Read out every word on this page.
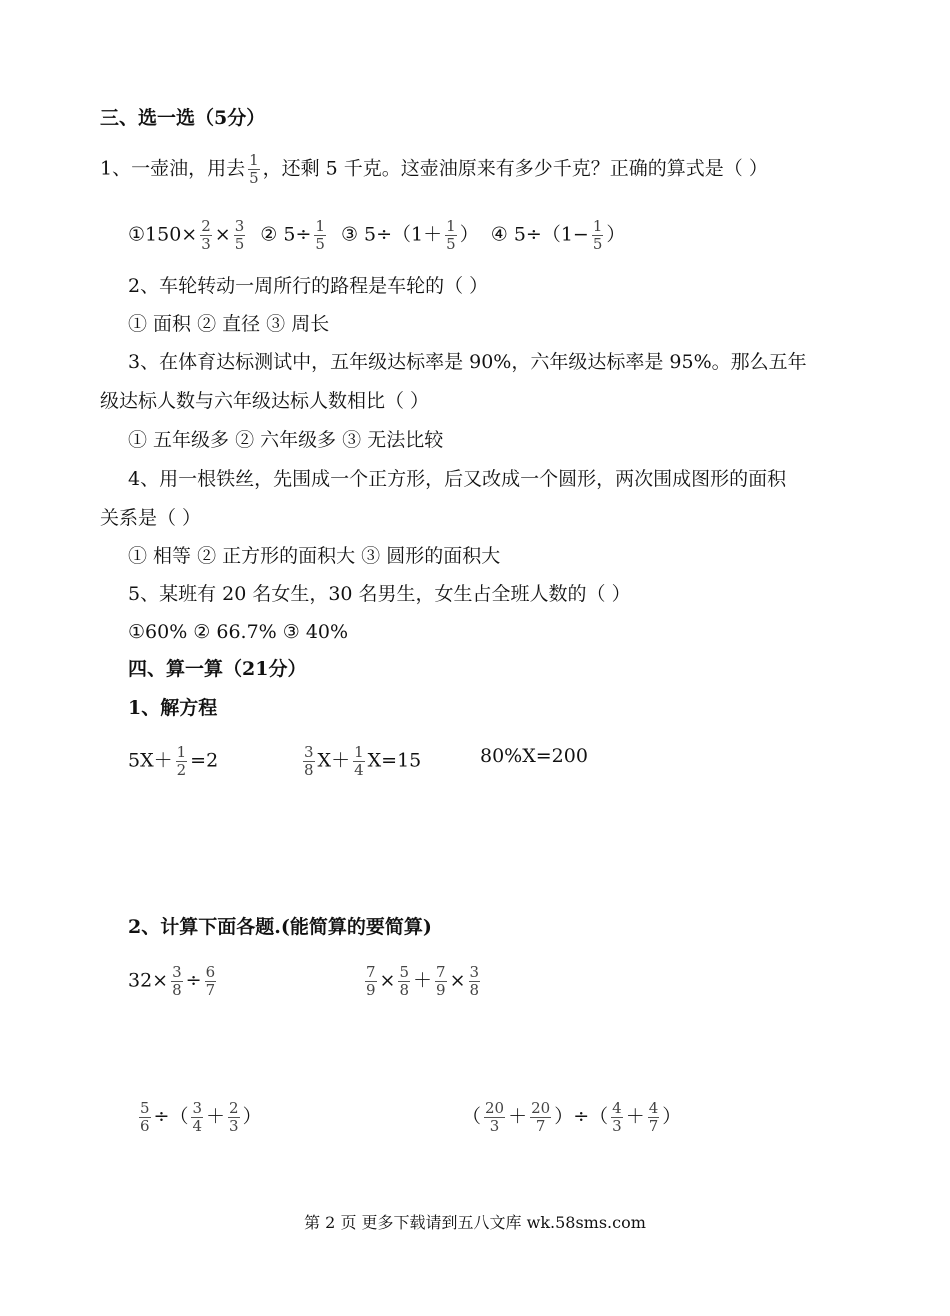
三、选一选（5分）
1、一壶油，用去 $\frac{1}{5}$ ，还剩 5 千克。这壶油原来有多少千克？正确的算式是（ ）
①150× $\frac{2}{3} \times \frac{3}{5}$ ② $5\div \frac{1}{5}$ ③ $5\div(1+ \frac{1}{5}$ ） ④ $5\div(1- \frac{1}{5}$ ）
2、车轮转动一周所行的路程是车轮的（ ）
① 面积 ② 直径 ③ 周长
3、在体育达标测试中，五年级达标率是 90%，六年级达标率是 95%。那么五年
级达标人数与六年级达标人数相比（ ）
① 五年级多 ② 六年级多 ③ 无法比较
4、用一根铁丝，先围成一个正方形，后又改成一个圆形，两次围成图形的面积
关系是（ ）
① 相等 ② 正方形的面积大 ③ 圆形的面积大
5、某班有 20 名女生，30 名男生，女生占全班人数的（ ）
①60% ② 66.7% ③ 40%
四、算一算（21分）
1、解方程
$5X+ \frac{1}{2} =2$	$\frac{3}{8} X+ \frac{1}{4} X=15$	80%X=200
2、计算下面各题.(能简算的要简算)
$32\times \frac{3}{8} \div \frac{6}{7}$	$\frac{7}{9} \times \frac{5}{8} + \frac{7}{9} \times \frac{3}{8}$
$\frac{5}{6}$ ÷（ $\frac{3}{4} + \frac{2}{3}$ ）	（ $\frac{20}{3} + \frac{20}{7}$ ）÷（ $\frac{4}{3} + \frac{4}{7}$ ）
第 2 页 更多下载请到五八文库 wk.58sms.com
